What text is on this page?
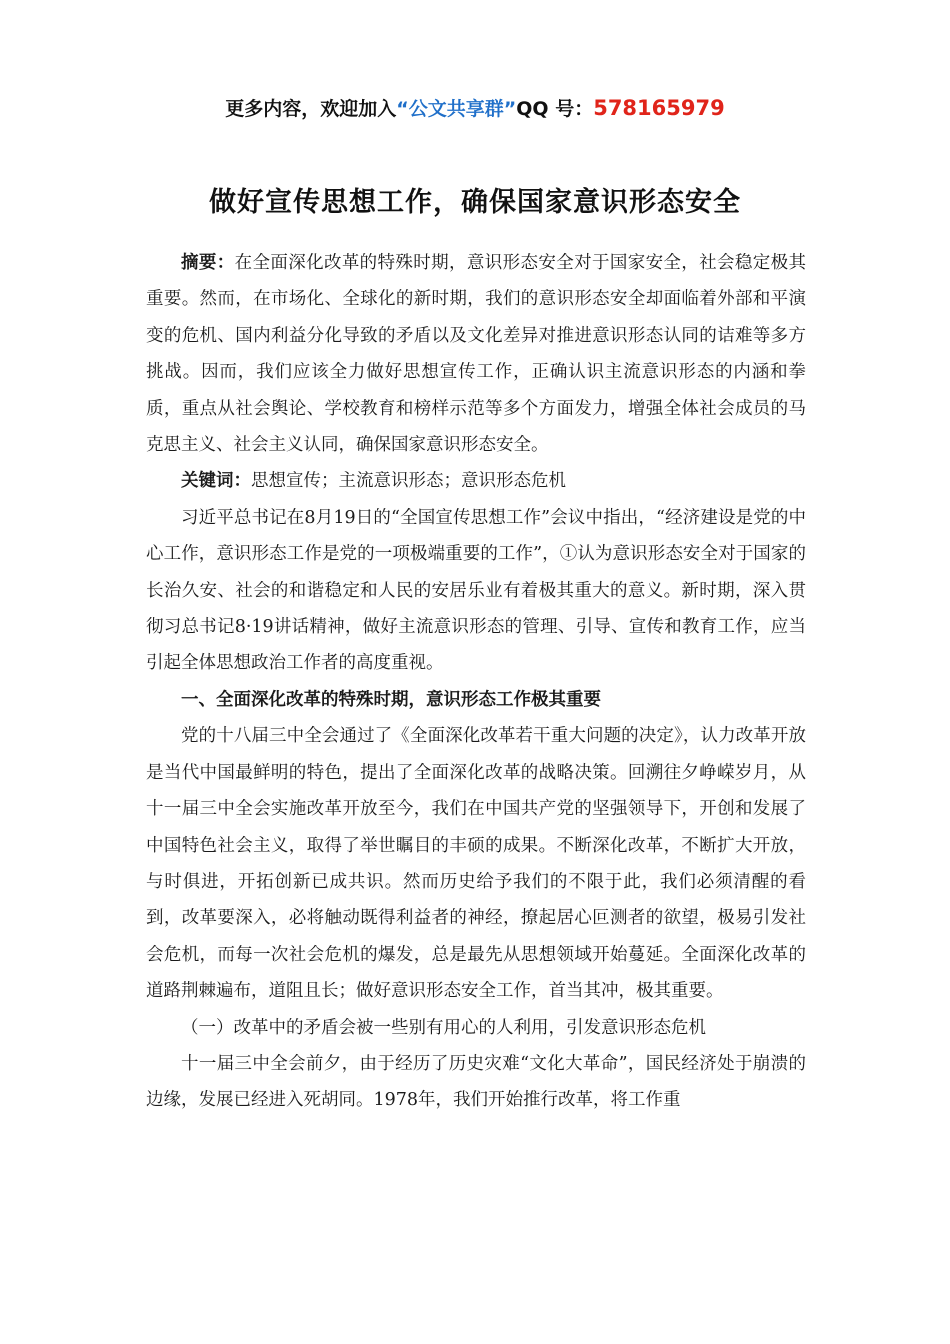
更多内容，欢迎加入“公文共享群”QQ 号：578165979
做好宣传思想工作，确保国家意识形态安全

摘要：在全面深化改革的特殊时期，意识形态安全对于国家安全，社会稳定极其重要。然而，在市场化、全球化的新时期，我们的意识形态安全却面临着外部和平演变的危机、国内利益分化导致的矛盾以及文化差异对推进意识形态认同的诘难等多方挑战。因而，我们应该全力做好思想宣传工作，正确认识主流意识形态的内涵和拳质，重点从社会舆论、学校教育和榜样示范等多个方面发力，增强全体社会成员的马克思主义、社会主义认同，确保国家意识形态安全。

关键词：思想宣传；主流意识形态；意识形态危机

习近平总书记在8月19日的“全国宣传思想工作”会议中指出，“经济建设是党的中心工作，意识形态工作是党的一项极端重要的工作”，①认为意识形态安全对于国家的长治久安、社会的和谐稳定和人民的安居乐业有着极其重大的意义。新时期，深入贯彻习总书记8·19讲话精神，做好主流意识形态的管理、引导、宣传和教育工作，应当引起全体思想政治工作者的高度重视。

一、全面深化改革的特殊时期，意识形态工作极其重要

党的十八届三中全会通过了《全面深化改革若干重大问题的决定》，认力改革开放是当代中国最鲜明的特色，提出了全面深化改革的战略决策。回溯往夕峥嵘岁月，从十一届三中全会实施改革开放至今，我们在中国共产党的坚强领导下，开创和发展了中国特色社会主义，取得了举世瞩目的丰硕的成果。不断深化改革，不断扩大开放，与时俱进，开拓创新已成共识。然而历史给予我们的不限于此，我们必须清醒的看到，改革要深入，必将触动既得利益者的神经，撩起居心叵测者的欲望，极易引发社会危机，而每一次社会危机的爆发，总是最先从思想领域开始蔓延。全面深化改革的道路荆棘遍布，道阻且长；做好意识形态安全工作，首当其冲，极其重要。

（一）改革中的矛盾会被一些别有用心的人利用，引发意识形态危机

十一届三中全会前夕，由于经历了历史灾难“文化大革命”，国民经济处于崩溃的边缘，发展已经进入死胡同。1978年，我们开始推行改革，将工作重
